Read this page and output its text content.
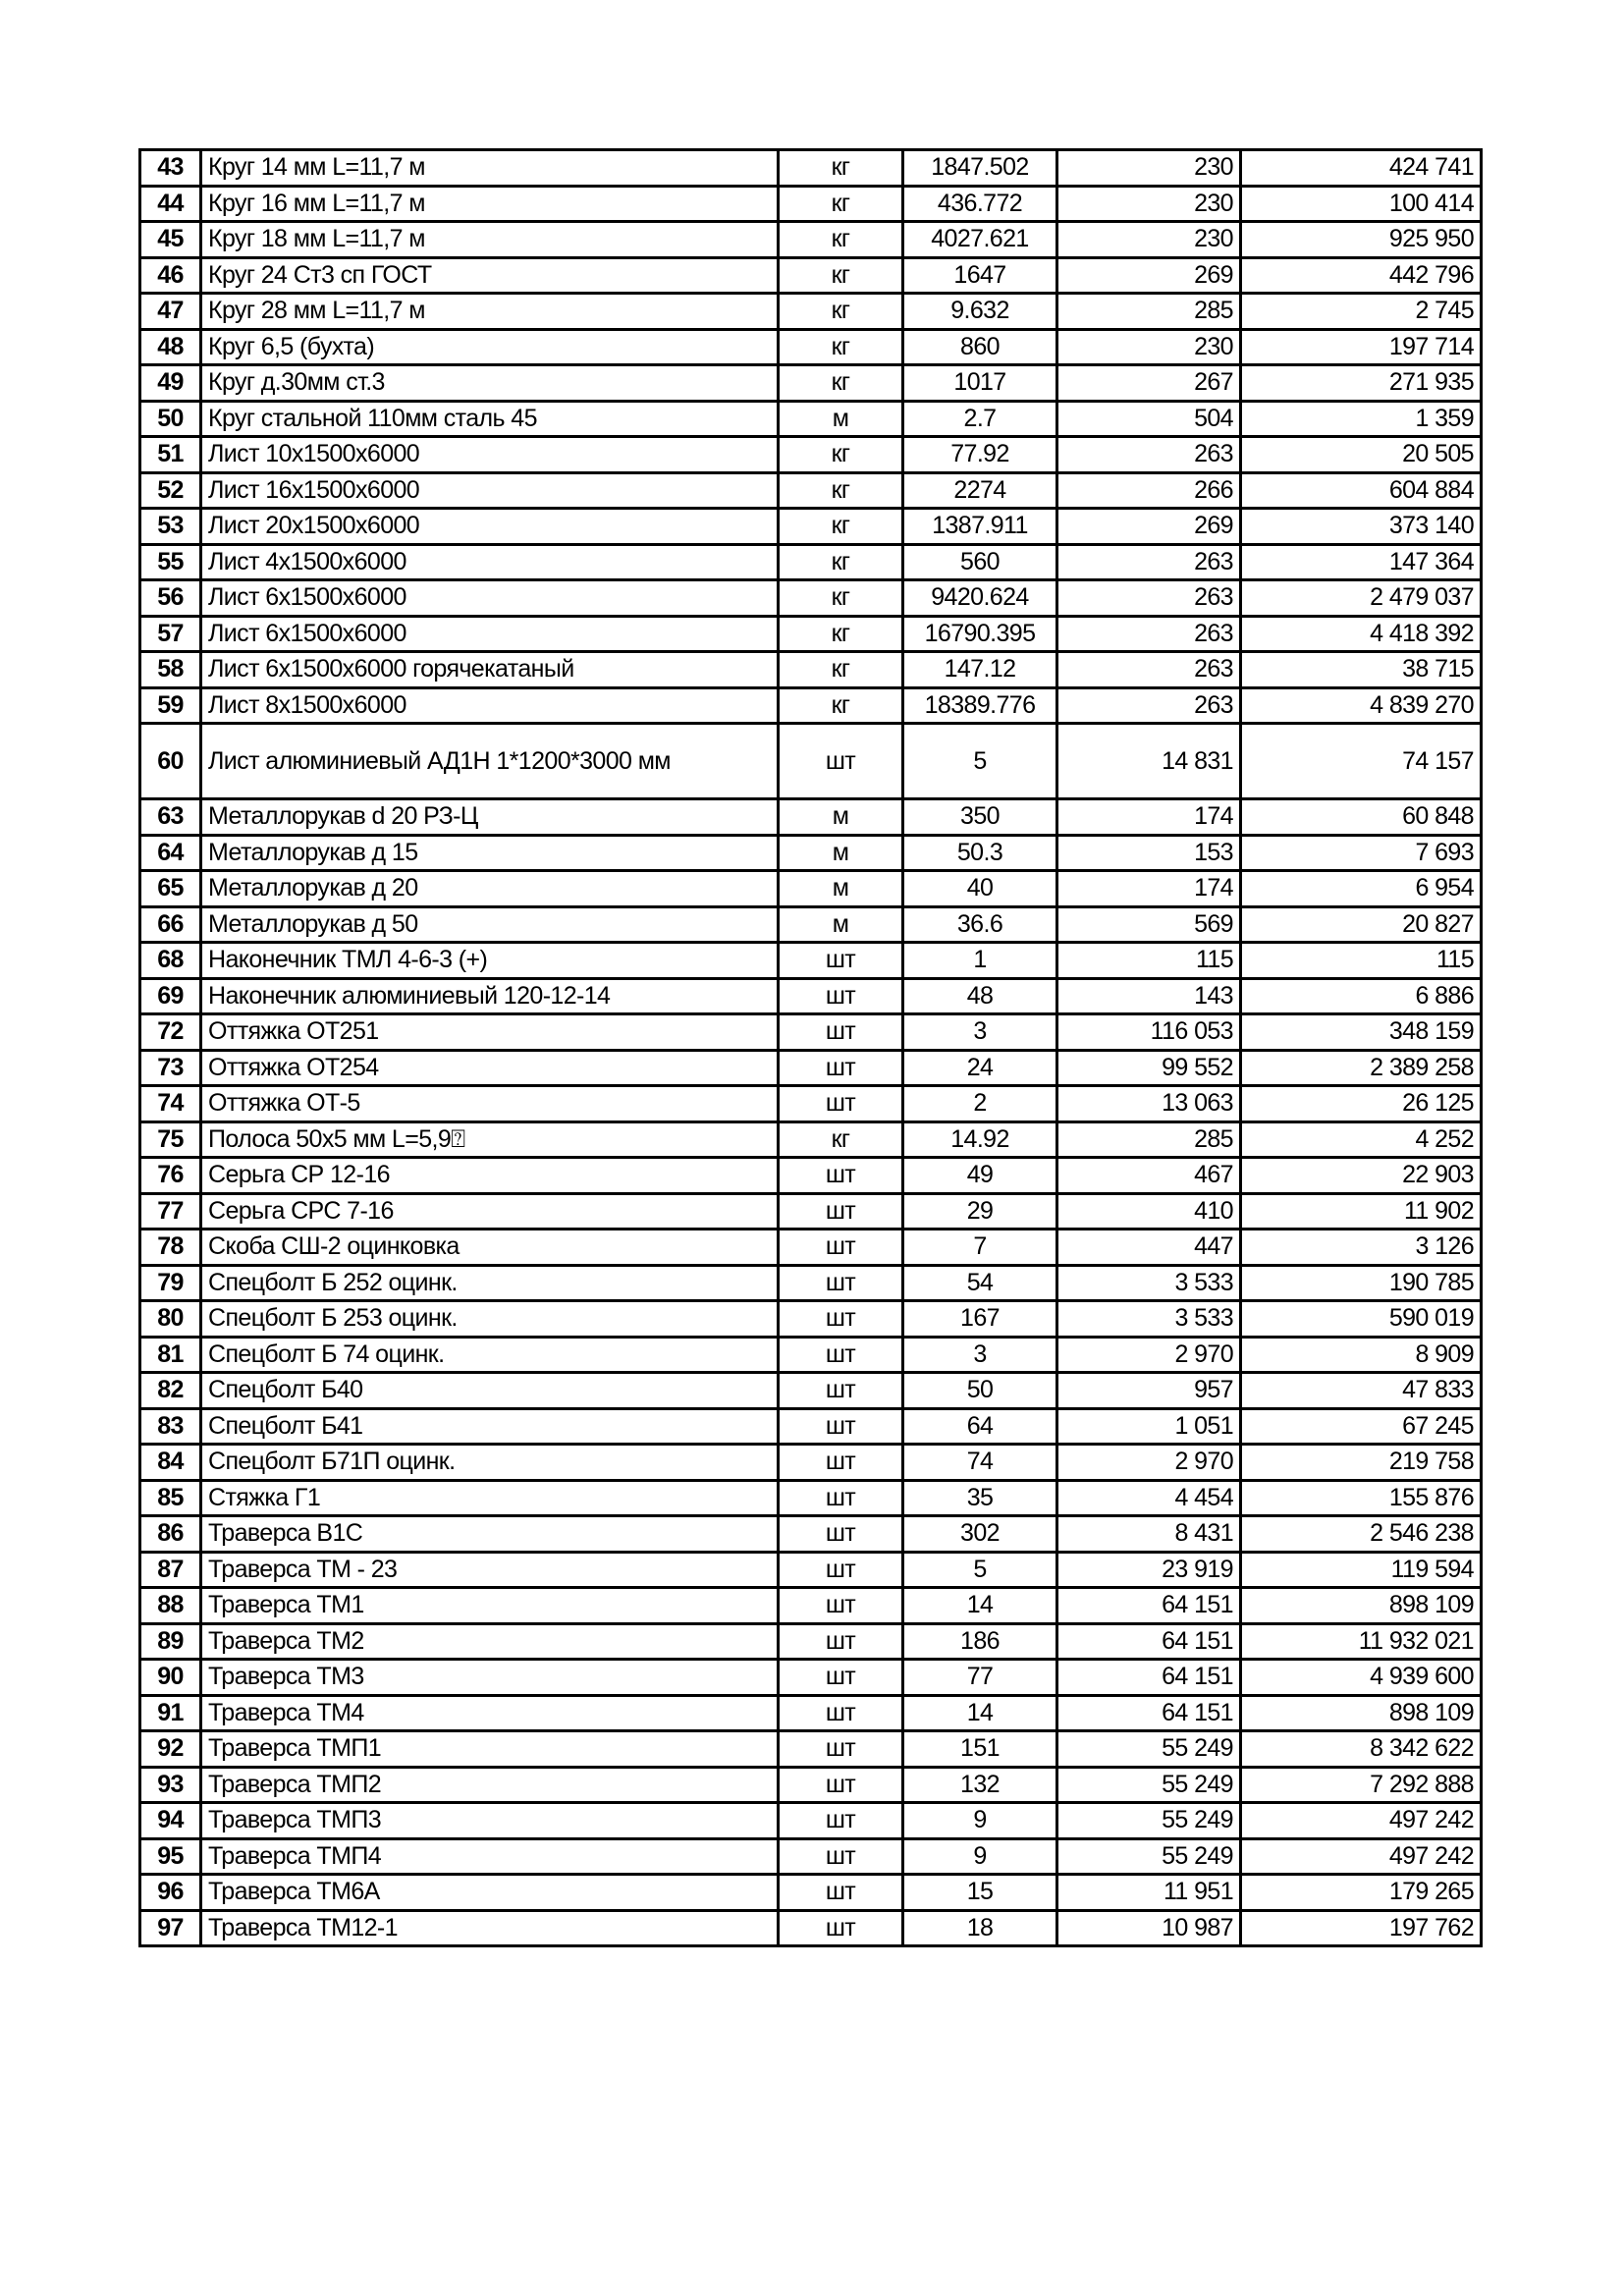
43	Круг 14 мм L=11,7 м	кг	1847.502	230	424 741
44	Круг 16 мм L=11,7 м	кг	436.772	230	100 414
45	Круг 18 мм L=11,7 м	кг	4027.621	230	925 950
46	Круг 24 Ст3 сп ГОСТ	кг	1647	269	442 796
47	Круг 28 мм L=11,7 м	кг	9.632	285	2 745
48	Круг 6,5 (бухта)	кг	860	230	197 714
49	Круг д.30мм ст.3	кг	1017	267	271 935
50	Круг стальной 110мм сталь 45	м	2.7	504	1 359
51	Лист 10х1500х6000	кг	77.92	263	20 505
52	Лист 16х1500х6000	кг	2274	266	604 884
53	Лист 20х1500х6000	кг	1387.911	269	373 140
55	Лист 4х1500х6000	кг	560	263	147 364
56	Лист 6х1500х6000	кг	9420.624	263	2 479 037
57	Лист 6х1500х6000	кг	16790.395	263	4 418 392
58	Лист 6х1500х6000 горячекатаный	кг	147.12	263	38 715
59	Лист 8х1500х6000	кг	18389.776	263	4 839 270
60	Лист алюминиевый АД1Н 1*1200*3000 мм	шт	5	14 831	74 157
63	Металлорукав d 20 РЗ-Ц	м	350	174	60 848
64	Металлорукав д 15	м	50.3	153	7 693
65	Металлорукав д 20	м	40	174	6 954
66	Металлорукав д 50	м	36.6	569	20 827
68	Наконечник ТМЛ 4-6-3 (+)	шт	1	115	115
69	Наконечник алюминиевый 120-12-14	шт	48	143	6 886
72	Оттяжка ОТ251	шт	3	116 053	348 159
73	Оттяжка ОТ254	шт	24	99 552	2 389 258
74	Оттяжка ОТ-5	шт	2	13 063	26 125
75	Полоса 50х5 мм L=5,9⍰	кг	14.92	285	4 252
76	Серьга СР 12-16	шт	49	467	22 903
77	Серьга СРС 7-16	шт	29	410	11 902
78	Скоба СШ-2 оцинковка	шт	7	447	3 126
79	Спецболт Б 252 оцинк.	шт	54	3 533	190 785
80	Спецболт Б 253 оцинк.	шт	167	3 533	590 019
81	Спецболт Б 74 оцинк.	шт	3	2 970	8 909
82	Спецболт Б40	шт	50	957	47 833
83	Спецболт Б41	шт	64	1 051	67 245
84	Спецболт Б71П оцинк.	шт	74	2 970	219 758
85	Стяжка Г1	шт	35	4 454	155 876
86	Траверса В1С	шт	302	8 431	2 546 238
87	Траверса ТМ - 23	шт	5	23 919	119 594
88	Траверса ТМ1	шт	14	64 151	898 109
89	Траверса ТМ2	шт	186	64 151	11 932 021
90	Траверса ТМ3	шт	77	64 151	4 939 600
91	Траверса ТМ4	шт	14	64 151	898 109
92	Траверса ТМП1	шт	151	55 249	8 342 622
93	Траверса ТМП2	шт	132	55 249	7 292 888
94	Траверса ТМП3	шт	9	55 249	497 242
95	Траверса ТМП4	шт	9	55 249	497 242
96	Траверса ТМ6А	шт	15	11 951	179 265
97	Траверса ТМ12-1	шт	18	10 987	197 762
